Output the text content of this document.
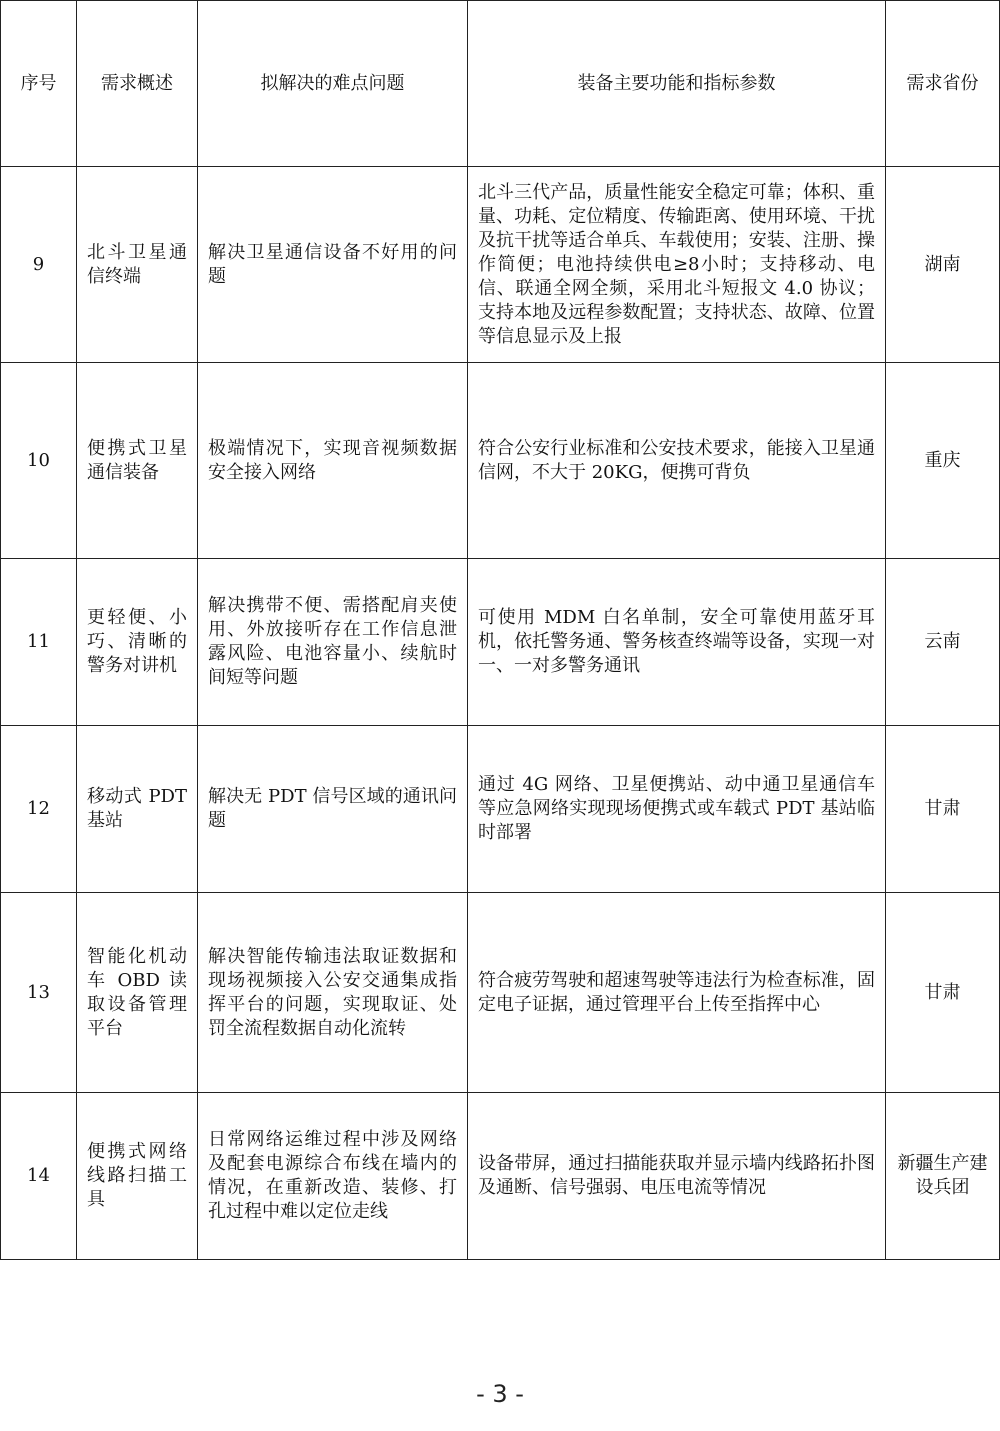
序号	需求概述	拟解决的难点问题	装备主要功能和指标参数	需求省份
9	北斗卫星通信终端	解决卫星通信设备不好用的问题	北斗三代产品，质量性能安全稳定可靠；体积、重量、功耗、定位精度、传输距离、使用环境、干扰及抗干扰等适合单兵、车载使用；安装、注册、操作简便；电池持续供电≥8小时；支持移动、电信、联通全网全频，采用北斗短报文 4.0 协议；支持本地及远程参数配置；支持状态、故障、位置等信息显示及上报	湖南
10	便携式卫星通信装备	极端情况下，实现音视频数据安全接入网络	符合公安行业标准和公安技术要求，能接入卫星通信网，不大于 20KG，便携可背负	重庆
11	更轻便、小巧、清晰的警务对讲机	解决携带不便、需搭配肩夹使用、外放接听存在工作信息泄露风险、电池容量小、续航时间短等问题	可使用 MDM 白名单制，安全可靠使用蓝牙耳机，依托警务通、警务核查终端等设备，实现一对一、一对多警务通讯	云南
12	移动式 PDT 基站	解决无 PDT 信号区域的通讯问题	通过 4G 网络、卫星便携站、动中通卫星通信车等应急网络实现现场便携式或车载式 PDT 基站临时部署	甘肃
13	智能化机动车 OBD 读取设备管理平台	解决智能传输违法取证数据和现场视频接入公安交通集成指挥平台的问题，实现取证、处罚全流程数据自动化流转	符合疲劳驾驶和超速驾驶等违法行为检查标准，固定电子证据，通过管理平台上传至指挥中心	甘肃
14	便携式网络线路扫描工具	日常网络运维过程中涉及网络及配套电源综合布线在墙内的情况，在重新改造、装修、打孔过程中难以定位走线	设备带屏，通过扫描能获取并显示墙内线路拓扑图及通断、信号强弱、电压电流等情况	新疆生产建设兵团
- 3 -
